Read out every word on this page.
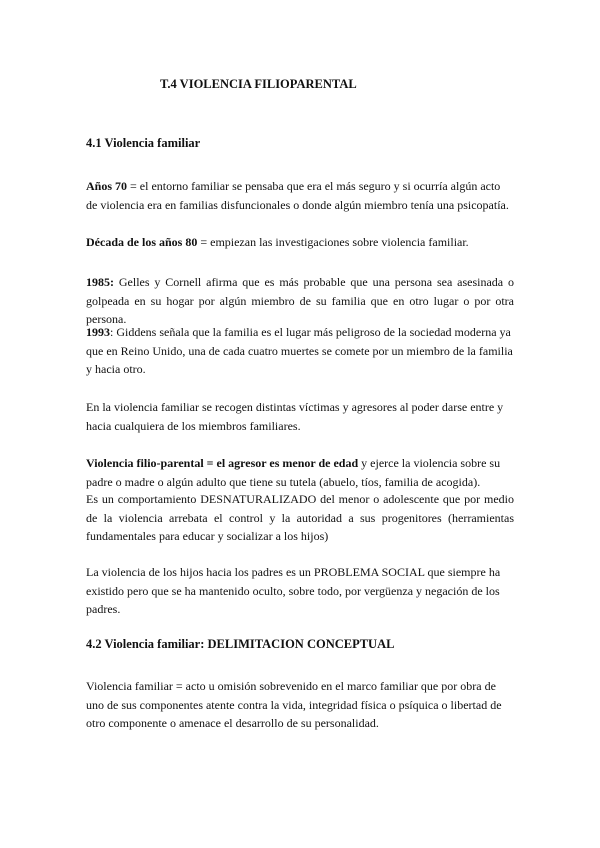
T.4 VIOLENCIA FILIOPARENTAL
4.1 Violencia familiar
Años 70 = el entorno familiar se pensaba que era el más seguro y si ocurría algún acto de violencia era en familias disfuncionales o donde algún miembro tenía una psicopatía.
Década de los años 80 = empiezan las investigaciones sobre violencia familiar.
1985: Gelles y Cornell afirma que es más probable que una persona sea asesinada o golpeada en su hogar por algún miembro de su familia que en otro lugar o por otra persona.
1993: Giddens señala que la familia es el lugar más peligroso de la sociedad moderna ya que en Reino Unido, una de cada cuatro muertes se comete por un miembro de la familia y hacia otro.
En la violencia familiar se recogen distintas víctimas y agresores al poder darse entre y hacia cualquiera de los miembros familiares.
Violencia filio-parental = el agresor es menor de edad y ejerce la violencia sobre su padre o madre o algún adulto que tiene su tutela (abuelo, tíos, familia de acogida).
Es un comportamiento DESNATURALIZADO del menor o adolescente que por medio de la violencia arrebata el control y la autoridad a sus progenitores (herramientas fundamentales para educar y socializar a los hijos)
La violencia de los hijos hacia los padres es un PROBLEMA SOCIAL que siempre ha existido pero que se ha mantenido oculto, sobre todo, por vergüenza y negación de los padres.
4.2 Violencia familiar: DELIMITACION CONCEPTUAL
Violencia familiar = acto u omisión sobrevenido en el marco familiar que por obra de uno de sus componentes atente contra la vida, integridad física o psíquica o libertad de otro componente o amenace el desarrollo de su personalidad.
